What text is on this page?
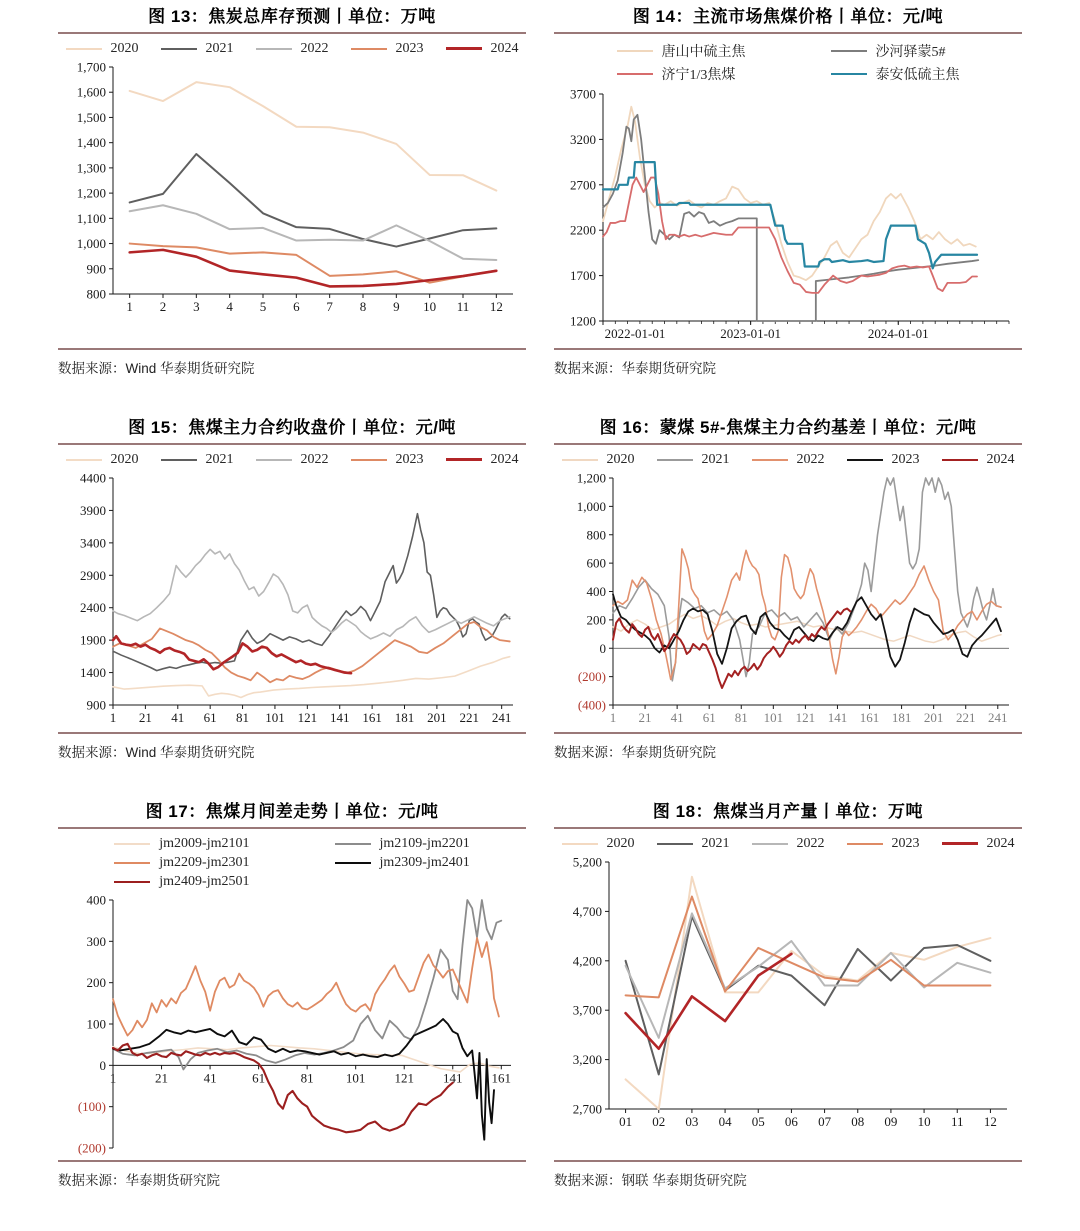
图 13：焦炭总库存预测丨单位：万吨
2020	2021	2022	2023	2024
800
900
1,000
1,100
1,200
1,300
1,400
1,500
1,600
1,700
1 2 3 4 5 6 7 8 9 10 11 12
数据来源：Wind 华泰期货研究院
图 14：主流市场焦煤价格丨单位：元/吨
唐山中硫主焦	沙河驿蒙5#
济宁1/3焦煤	泰安低硫主焦
1200
1700
2200
2700
3200
3700
2022-01-01	2023-01-01	2024-01-01
数据来源：华泰期货研究院
图 15：焦煤主力合约收盘价丨单位：元/吨
2020	2021	2022	2023	2024
900
1400
1900
2400
2900
3400
3900
4400
1 21 41 61 81 101 121 141 161 181 201 221 241
数据来源：Wind 华泰期货研究院
图 16：蒙煤 5#-焦煤主力合约基差丨单位：元/吨
2020	2021	2022	2023	2024
(400)
(200)
0
200
400
600
800
1,000
1,200
1 21 41 61 81 101 121 141 161 181 201 221 241
数据来源：华泰期货研究院
图 17：焦煤月间差走势丨单位：元/吨
jm2009-jm2101	jm2109-jm2201
jm2209-jm2301	jm2309-jm2401
jm2409-jm2501
(200)
(100)
0
100
200
300
400
1	21	41	61	81 101 121 141 161
数据来源：华泰期货研究院
图 18：焦煤当月产量丨单位：万吨
2020	2021	2022	2023	2024
2,700
3,200
3,700
4,200
4,700
5,200
01 02 03 04 05 06 07 08 09 10 11 12
数据来源：钢联 华泰期货研究院
